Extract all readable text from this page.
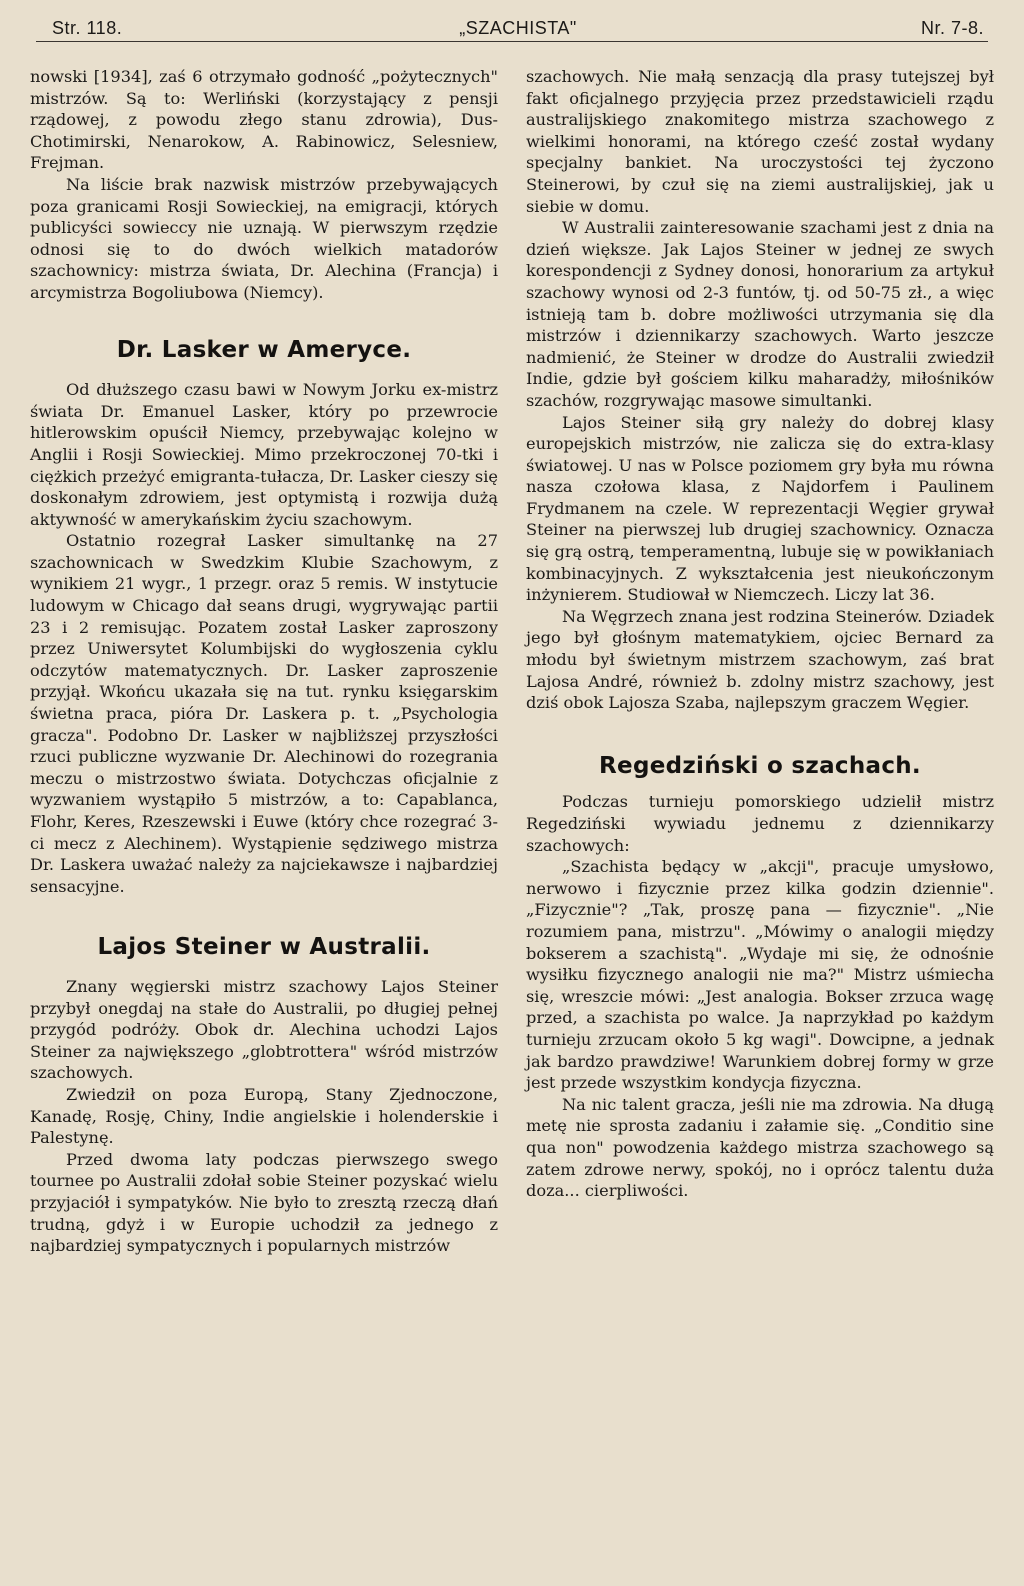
Str. 118.	„SZACHISTA"	Nr. 7-8.

nowski [1934], zaś 6 otrzymało godność „pożytecznych" mistrzów. Są to: Werliński (korzystający z pensji rządowej, z powodu złego stanu zdrowia), Dus-Chotimirski, Nenarokow, A. Rabinowicz, Selesniew, Frejman.

Na liście brak nazwisk mistrzów przebywających poza granicami Rosji Sowieckiej, na emigracji, których publicyści sowieccy nie uznają. W pierwszym rzędzie odnosi się to do dwóch wielkich matadorów szachownicy: mistrza świata, Dr. Alechina (Francja) i arcymistrza Bogoliubowa (Niemcy).

Dr. Lasker w Ameryce.

Od dłuższego czasu bawi w Nowym Jorku ex-mistrz świata Dr. Emanuel Lasker, który po przewrocie hitlerowskim opuścił Niemcy, przebywając kolejno w Anglii i Rosji Sowieckiej. Mimo przekroczonej 70-tki i ciężkich przeżyć emigranta-tułacza, Dr. Lasker cieszy się doskonałym zdrowiem, jest optymistą i rozwija dużą aktywność w amerykańskim życiu szachowym.

Ostatnio rozegrał Lasker simultankę na 27 szachownicach w Swedzkim Klubie Szachowym, z wynikiem 21 wygr., 1 przegr. oraz 5 remis. W instytucie ludowym w Chicago dał seans drugi, wygrywając partii 23 i 2 remisując. Pozatem został Lasker zaproszony przez Uniwersytet Kolumbijski do wygłoszenia cyklu odczytów matematycznych. Dr. Lasker zaproszenie przyjął. Wkońcu ukazała się na tut. rynku księgarskim świetna praca, pióra Dr. Laskera p. t. „Psychologia gracza". Podobno Dr. Lasker w najbliższej przyszłości rzuci publiczne wyzwanie Dr. Alechinowi do rozegrania meczu o mistrzostwo świata. Dotychczas oficjalnie z wyzwaniem wystąpiło 5 mistrzów, a to: Capablanca, Flohr, Keres, Rzeszewski i Euwe (który chce rozegrać 3-ci mecz z Alechinem). Wystąpienie sędziwego mistrza Dr. Laskera uważać należy za najciekawsze i najbardziej sensacyjne.

Lajos Steiner w Australii.

Znany węgierski mistrz szachowy Lajos Steiner przybył onegdaj na stałe do Australii, po długiej pełnej przygód podróży. Obok dr. Alechina uchodzi Lajos Steiner za największego „globtrottera" wśród mistrzów szachowych.

Zwiedził on poza Europą, Stany Zjednoczone, Kanadę, Rosję, Chiny, Indie angielskie i holenderskie i Palestynę.

Przed dwoma laty podczas pierwszego swego tournee po Australii zdołał sobie Steiner pozyskać wielu przyjaciół i sympatyków. Nie było to zresztą rzeczą dłań trudną, gdyż i w Europie uchodził za jednego z najbardziej sympatycznych i popularnych mistrzów

szachowych. Nie małą senzacją dla prasy tutejszej był fakt oficjalnego przyjęcia przez przedstawicieli rządu australijskiego znakomitego mistrza szachowego z wielkimi honorami, na którego cześć został wydany specjalny bankiet. Na uroczystości tej życzono Steinerowi, by czuł się na ziemi australijskiej, jak u siebie w domu.

W Australii zainteresowanie szachami jest z dnia na dzień większe. Jak Lajos Steiner w jednej ze swych korespondencji z Sydney donosi, honorarium za artykuł szachowy wynosi od 2-3 funtów, tj. od 50-75 zł., a więc istnieją tam b. dobre możliwości utrzymania się dla mistrzów i dziennikarzy szachowych. Warto jeszcze nadmienić, że Steiner w drodze do Australii zwiedził Indie, gdzie był gościem kilku maharadży, miłośników szachów, rozgrywając masowe simultanki.

Lajos Steiner siłą gry należy do dobrej klasy europejskich mistrzów, nie zalicza się do extra-klasy światowej. U nas w Polsce poziomem gry była mu równa nasza czołowa klasa, z Najdorfem i Paulinem Frydmanem na czele. W reprezentacji Węgier grywał Steiner na pierwszej lub drugiej szachownicy. Oznacza się grą ostrą, temperamentną, lubuje się w powikłaniach kombinacyjnych. Z wykształcenia jest nieukończonym inżynierem. Studiował w Niemczech. Liczy lat 36.

Na Węgrzech znana jest rodzina Steinerów. Dziadek jego był głośnym matematykiem, ojciec Bernard za młodu był świetnym mistrzem szachowym, zaś brat Lajosa André, również b. zdolny mistrz szachowy, jest dziś obok Lajosza Szaba, najlepszym graczem Węgier.

Regedziński o szachach.

Podczas turnieju pomorskiego udzielił mistrz Regedziński wywiadu jednemu z dziennikarzy szachowych:

„Szachista będący w „akcji", pracuje umysłowo, nerwowo i fizycznie przez kilka godzin dziennie". „Fizycznie"? „Tak, proszę pana — fizycznie". „Nie rozumiem pana, mistrzu". „Mówimy o analogii między bokserem a szachistą". „Wydaje mi się, że odnośnie wysiłku fizycznego analogii nie ma?" Mistrz uśmiecha się, wreszcie mówi: „Jest analogia. Bokser zrzuca wagę przed, a szachista po walce. Ja naprzykład po każdym turnieju zrzucam około 5 kg wagi". Dowcipne, a jednak jak bardzo prawdziwe! Warunkiem dobrej formy w grze jest przede wszystkim kondycja fizyczna.

Na nic talent gracza, jeśli nie ma zdrowia. Na długą metę nie sprosta zadaniu i załamie się. „Conditio sine qua non" powodzenia każdego mistrza szachowego są zatem zdrowe nerwy, spokój, no i oprócz talentu duża doza... cierpliwości.
